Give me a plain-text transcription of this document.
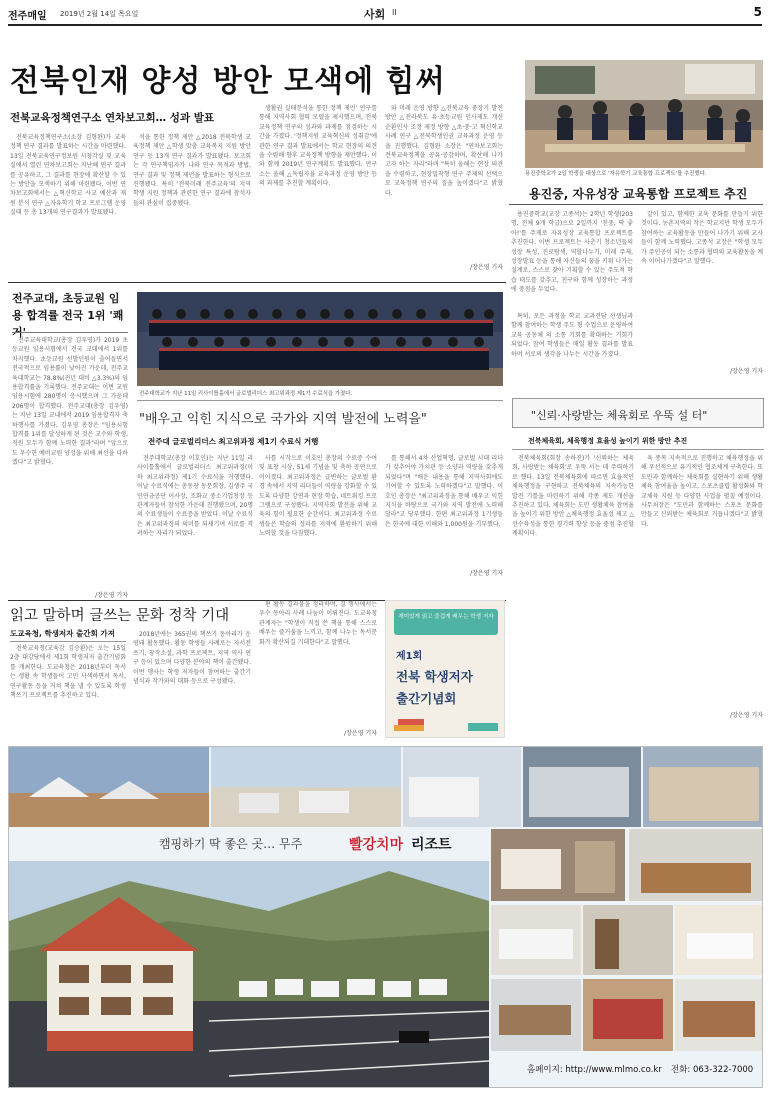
전주매일 2019년 2월 14일 목요일	사회 II	5
전북인재 양성 방안 모색에 힘써
전북교육정책연구소 연차보고회… 성과 발표

전북교육정책연구소(소장 김형완)가 교육정책 연구 결과를 발표하는 시간을 마련했다. 13일 전북교육연구정보원 시청각실 및 교육실에서 열린 연차보고회는 지난해 연구 결과를 공유하고, 그 결과를 현장에 확산할 수 있는 방안을 모색하기 위해 마련됐다. 이번 연차보고회에서는 △혁신학교 사교 예산과 재원 분석 연구 △자유학기 학교 프로그램 운영 실태 등 총 13개의 연구결과가 발표됐다.

석을 통한 정책 제안 △2018 전북학생 교육정책 제안 △학생 맞춤 교육복지 지원 방안 연구 등 13개 연구 결과가 발표됐다. 보고회는 각 연구책임자가 나와 연구 목적과 방법, 연구 결과 및 정책 제언을 발표하는 형식으로 진행됐다. 특히 '전북미래 전주교육'의 지역 학생 지원 정책과 관련한 연구 결과에 참석자들의 관심이 집중됐다.

생활권 실태분석을 통한 정책 제언' 연구를 통해 지역사회 협력 모델을 제시했으며, 전북 교육정책 연구의 성과와 과제를 점검하는 시간을 가졌다. '정책지원 교육혁신의 성취감'에 관한 연구 결과 발표에서는 학교 현장의 의견을 수렴해 향후 교육정책 방향을 제안했다. 이와 함께 2019년 연구계획도 발표했다. 연구소는 올해 △독립자율 교육과정 운영 방안 등의 과제를 추진할 계획이다.

와 미래 운영 방향 △전북교육 중장기 발전 방안 △전라북도 유·초등교원 인사제도 개선 순환인사 조정 제정 방향 △초·중·고 혁신학교 사례 연구 △전북학생인권 교육과정 운영 등을 진행했다. 김형완 소장은 "연차보고회는 전북교육정책을 공유·공감하며, 확산해 나가고자 하는 자리"라며 "특히 올해는 현장 의견을 수렴하고, 현장밀착형 연구 주제의 선택으로 교육정책 연구의 질을 높이겠다"고 밝혔다.

/장은영 기자
용진중학교가 2일 학생을 대상으로 '자유학기 교육통합 프로젝트'를 추진했다.
용진중, 자유성장 교육통합 프로젝트 추진

용진중학교(교장 고종석)는 2학년 학생(203명, 전체 9개 학급)으로 2일까지 '친중, 딱 좋아!'를 주제로 자유성장 교육통합 프로젝트를 추진한다. 이번 프로젝트는 사춘기 청소년들의 성장 특성, 진로탐색, 역할나누기, 미래 주제, 성장발표 등을 통해 자신들의 꿈을 키워 나가는 설계로, 스스로 찾아 기획할 수 있는 주도적 학습 태도를 갖추고, 친구와 함께 성장하는 과정에 중점을 두었다.

특히, 모든 과정을 학교 교과전담 선생님과 함께 참여하는 학생 주도 형 수업으로 운영하여 교육 공동체 의 소통 기회를 확대하는 기회가 되었다. 참여 학생들은 매일 활동 결과를 발표하며 서로의 생각을 나누는 시간을 가졌다.

같이 있고, 함께한 교육 문화를 만들기 위한 것이다. 농촌지역의 작은 학교지만 학생 모두가 참여하는 교육활동을 만들어 나가기 위해 교사들이 함께 노력했다. 고종석 교장은 "학생 모두가 주인공이 되는 소통과 협력의 교육활동을 계속 이어나가겠다"고 말했다.

/장은영 기자
전주교대, 초등교원 임용 합격률 전국 1위 '쾌거'

전주교육대학교(총장 김우영)가 2019 초등교원 임용시험에서 전국 교대에서 1위를 차지했다. 초등교원 선발인원이 줄어들면서 전국적으로 임용률이 낮아진 가운데, 전주교육대학교는 78.8%(전년 대비 △3.3%)의 임용합격률을 기록했다. 전주교대는 이번 교원임용시험에 280명이 응시했으며 그 가운데 206명이 합격했다. 전주교대(총장 김우영)는 지난 13일 교내에서 2019 임용합격자 축하행사를 가졌다. 김우영 총장은 "임용시험 합격률 1위를 달성하게 된 것은 교수와 학생, 직원 모두가 함께 노력한 결과"라며 "앞으로도 우수한 예비교원 양성을 위해 최선을 다하겠다"고 밝혔다.

/장은영 기자
전주대학교가 지난 11일 리사이틀홀에서 글로벌리더스 최고위과정 제1기 수료식을 가졌다.
"배우고 익힌 지식으로 국가와 지역 발전에 노력을"
전주대 글로벌리더스 최고위과정 제1기 수료식 거행

전주대학교(총장 이호인)는 지난 11일 리사이틀홀에서 글로벌리더스 최고위과정(이하 최고위과정) 제1기 수료식을 거행했다. 이날 수료식에는 총동창 동문회장, 김생주 국민연금공단 이사장, 조화교 중소기업청장 등 관계자들이 참석한 가운데 진행됐으며, 20명의 수료생들이 수료증을 받았다. 이날 수료식은 최고위과정의 의미를 되새기며 서로를 격려하는 자리가 되었다.

사를 시작으로 이호인 총장의 수료증 수여 및 표창 시상, 51세 기념을 및 축하 공연으로 이어졌다. 최고위과정은 급변하는 글로벌 환경 속에서 지역 리더들이 역량을 강화할 수 있도록 다양한 강연과 현장 학습, 네트워킹 프로그램으로 구성됐다. 지역사회 발전을 위해 교육의 힘이 필요한 순간이다. 최고위과정 수료생들은 학습의 성과를 지역에 환원하기 위해 노력할 것을 다짐했다.

를 통해서 4차 산업혁명, 글로벌 시대 리더가 갖추어야 가치관 등 소양과 역량을 갖추게 되었다"며 "배운 내용을 통해 지역사회에도 기여할 수 있도록 노력하겠다"고 말했다. 이호인 총장은 "최고위과정을 통해 배우고 익힌 지식을 바탕으로 국가와 지역 발전에 노력해 달라"고 당부했다. 한편 최고위과정 1기생들은 한국에 대한 이해와 1,000원을 기부했다.

/장은영 기자
"신뢰·사랑받는 체육회로 우뚝 설 터"
전북체육회, 체육행정 효율성 높이기 위한 방안 추진

전북체육회(회장 송하진)가 '신뢰하는 체육회, 사랑받는 체육회'로 우뚝 서는 데 주력하기로 했다. 13일 전북체육회에 따르면 효율적인 체육행정을 구현하고 전북체육의 지속가능한 발전 기틀을 마련하기 위해 각종 제도 개선을 추진하고 있다. 체육회는 도민 생활체육 참여율을 높이기 위한 방안 △체육행정 효율성 제고 △선수육성을 통한 경기력 향상 등을 중점 추진할 계획이다.

육 종목 지속적으로 진행하고 체육행정을 위해 우선적으로 유기적인 협조체계 구축한다. 또 도민과 함께하는 체육회를 실현하기 위해 생활체육 참여율을 높이고, 스포츠클럽 활성화와 학교체육 지원 등 다양한 사업을 펼칠 예정이다. 사무처장은 "도민과 함께하는 스포츠 문화를 만들고 신뢰받는 체육회로 거듭나겠다"고 밝혔다.

/장은영 기자
읽고 말하며 글쓰는 문화 정착 기대
도교육청, 학생저자 출간회 가져

전북교육청(교육감 김승환)은 오는 15일 2층 대강당에서 제1회 학생저자 출간기념회를 개최한다. 도교육청은 2018년부터 독서는 생활 속 학생들이 고민 사색하면서 독서, 연구활동 등을 거쳐 책을 낼 수 있도록 학생 책쓰기 프로젝트를 추진하고 있다.

2018년에는 365권의 책쓰기 동아리가 운영돼 활동했다. 활동 학생들 사례로는 자서전 쓰기, 창작소설, 과학 프로젝트, 지역 역사 연구 등이 있으며 다양한 분야의 책이 출간됐다. 이번 행사는 학생 저자들이 참여하는 출간기념식과 작가와의 대화 등으로 구성됐다.

편 활동 결과물을 정리하여, 결 행사에서는 우수 동아리 사례 나눔이 이뤄진다. 도교육청 관계자는 "학생이 직접 쓴 책을 통해 스스로 배우는 즐거움을 느끼고, 함께 나누는 독서문화가 확산되길 기대한다"고 말했다.

/장은영 기자
재미있게 읽고 즐겁게 배우는 학생 저자
제1회
전북 학생저자
출간기념회
캠핑하기 딱 좋은 곳… 무주	빨강치마 리조트
홈페이지: http://www.mlmo.co.kr 전화: 063-322-7000
